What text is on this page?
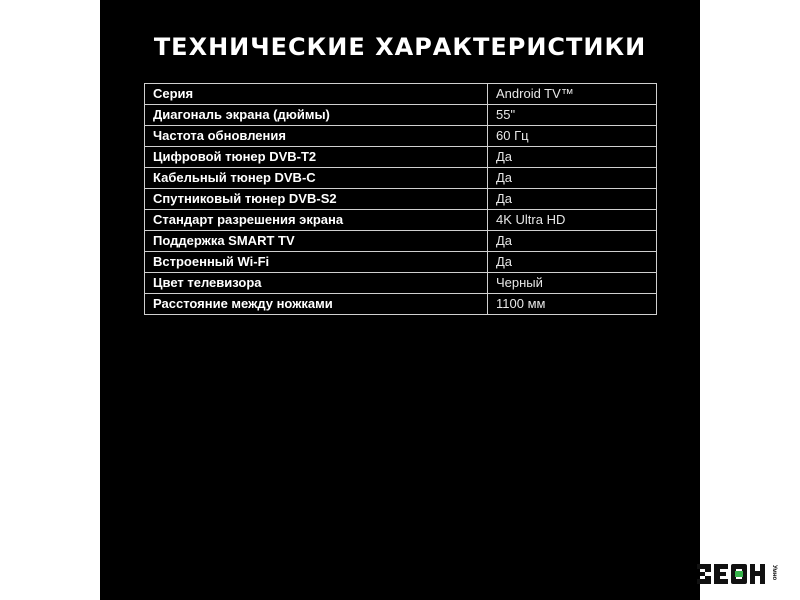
ТЕХНИЧЕСКИЕ ХАРАКТЕРИСТИКИ
Серия	Android TV™
Диагональ экрана (дюймы)	55"
Частота обновления	60 Гц
Цифровой тюнер DVB-T2	Да
Кабельный тюнер DVB-C	Да
Спутниковый тюнер DVB-S2	Да
Стандарт разрешения экрана	4K Ultra HD
Поддержка SMART TV	Да
Встроенный Wi-Fi	Да
Цвет телевизора	Черный
Расстояние между ножками	1100 мм
Умно
